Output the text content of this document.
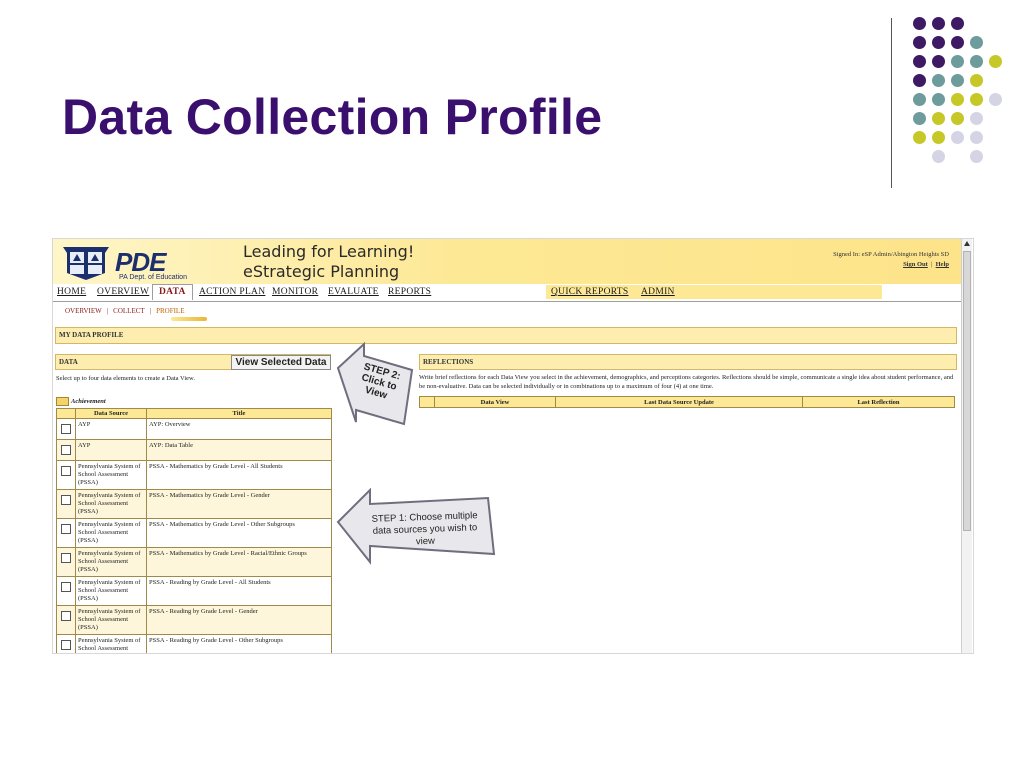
Data Collection Profile
PDE
PA Dept. of Education
Leading for Learning!
eStrategic Planning
Signed In: eSP Admin/Abington Heights SD
Sign Out  |  Help
HOME OVERVIEW	DATA	ACTION PLAN MONITOR EVALUATE REPORTS	QUICK REPORTS ADMIN
OVERVIEW | COLLECT | PROFILE
MY DATA PROFILE
DATA	View Selected Data	REFLECTIONS
Select up to four data elements to create a Data View.	Write brief reflections for each Data View you select in the achievement, demographics, and perceptions categories. Reflections should be simple, communicate a single idea about student performance, and be non-evaluative. Data can be selected individually or in combinations up to a maximum of four (4) at one time.
Achievement
	Data Source	Title
	AYP	AYP: Overview
	AYP	AYP: Data Table
	Pennsylvania System of School Assessment (PSSA)	PSSA - Mathematics by Grade Level - All Students
	Pennsylvania System of School Assessment (PSSA)	PSSA - Mathematics by Grade Level - Gender
	Pennsylvania System of School Assessment (PSSA)	PSSA - Mathematics by Grade Level - Other Subgroups
	Pennsylvania System of School Assessment (PSSA)	PSSA - Mathematics by Grade Level - Racial/Ethnic Groups
	Pennsylvania System of School Assessment (PSSA)	PSSA - Reading by Grade Level - All Students
	Pennsylvania System of School Assessment (PSSA)	PSSA - Reading by Grade Level - Gender
	Pennsylvania System of School Assessment	PSSA - Reading by Grade Level - Other Subgroups
	Data View	Last Data Source Update	Last Reflection
STEP 2: Click to View
STEP 1: Choose multiple data sources you wish to view
